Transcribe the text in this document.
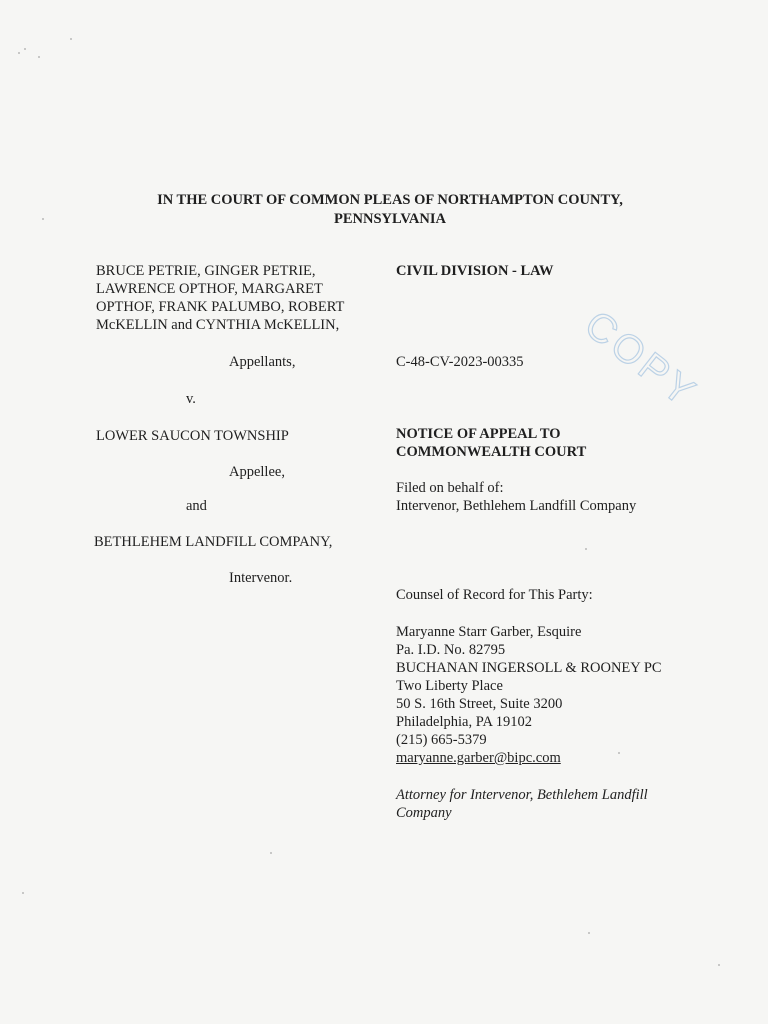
IN THE COURT OF COMMON PLEAS OF NORTHAMPTON COUNTY,
PENNSYLVANIA
BRUCE PETRIE, GINGER PETRIE,
LAWRENCE OPTHOF, MARGARET
OPTHOF, FRANK PALUMBO, ROBERT
McKELLIN and CYNTHIA McKELLIN,
Appellants,
v.
LOWER SAUCON TOWNSHIP
Appellee,
and
BETHLEHEM LANDFILL COMPANY,
Intervenor.
CIVIL DIVISION - LAW
C-48-CV-2023-00335
NOTICE OF APPEAL TO
COMMONWEALTH COURT
Filed on behalf of:
Intervenor, Bethlehem Landfill Company
Counsel of Record for This Party:
Maryanne Starr Garber, Esquire
Pa. I.D. No. 82795
BUCHANAN INGERSOLL & ROONEY PC
Two Liberty Place
50 S. 16th Street, Suite 3200
Philadelphia, PA 19102
(215) 665-5379
maryanne.garber@bipc.com
Attorney for Intervenor, Bethlehem Landfill
Company
COPY
